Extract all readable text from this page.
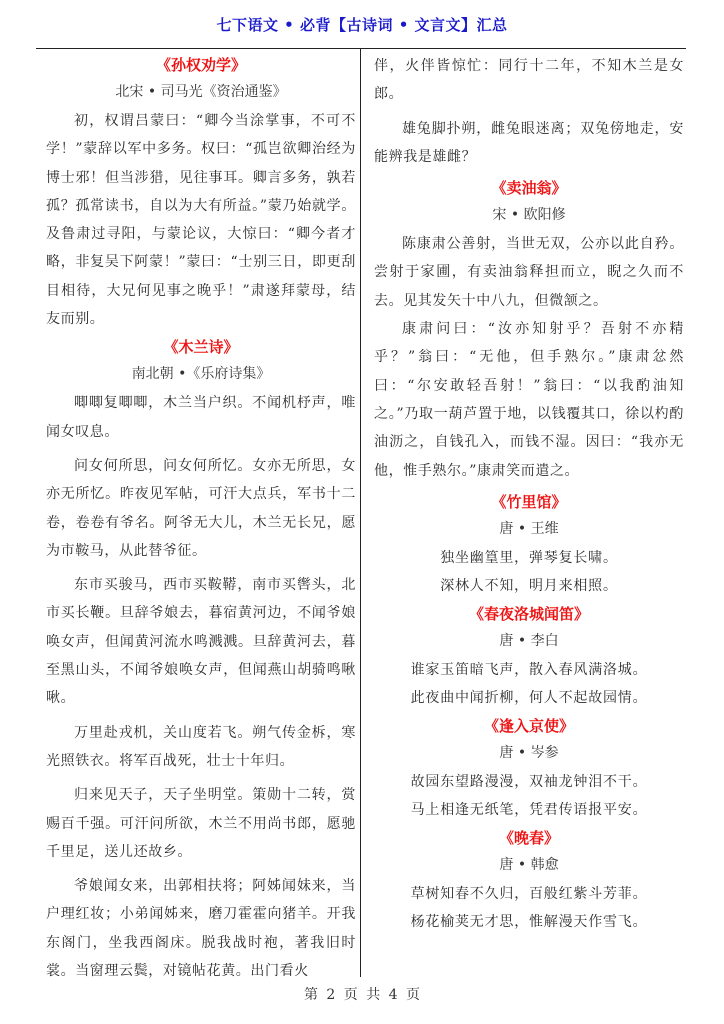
七下语文 • 必背【古诗词 • 文言文】汇总
《孙权劝学》
北宋 • 司马光《资治通鉴》

初，权谓吕蒙曰：“卿今当涂掌事，不可不学！”蒙辞以军中多务。权曰：“孤岂欲卿治经为博士邪！但当涉猎，见往事耳。卿言多务，孰若孤？孤常读书，自以为大有所益。”蒙乃始就学。及鲁肃过寻阳，与蒙论议，大惊曰：“卿今者才略，非复吴下阿蒙！”蒙曰：“士别三日，即更刮目相待，大兄何见事之晚乎！”肃遂拜蒙母，结友而别。

《木兰诗》
南北朝 •《乐府诗集》

唧唧复唧唧，木兰当户织。不闻机杼声，唯闻女叹息。

问女何所思，问女何所忆。女亦无所思，女亦无所忆。昨夜见军帖，可汗大点兵，军书十二卷，卷卷有爷名。阿爷无大儿，木兰无长兄，愿为市鞍马，从此替爷征。

东市买骏马，西市买鞍鞯，南市买辔头，北市买长鞭。旦辞爷娘去，暮宿黄河边，不闻爷娘唤女声，但闻黄河流水鸣溅溅。旦辞黄河去，暮至黑山头，不闻爷娘唤女声，但闻燕山胡骑鸣啾啾。

万里赴戎机，关山度若飞。朔气传金柝，寒光照铁衣。将军百战死，壮士十年归。

归来见天子，天子坐明堂。策勋十二转，赏赐百千强。可汗问所欲，木兰不用尚书郎，愿驰千里足，送儿还故乡。

爷娘闻女来，出郭相扶将；阿姊闻妹来，当户理红妆；小弟闻姊来，磨刀霍霍向猪羊。开我东阁门，坐我西阁床。脱我战时袍，著我旧时裳。当窗理云鬓，对镜帖花黄。出门看火

伴，火伴皆惊忙：同行十二年，不知木兰是女郎。

雄兔脚扑朔，雌兔眼迷离；双兔傍地走，安能辨我是雄雌？

《卖油翁》
宋 • 欧阳修

陈康肃公善射，当世无双，公亦以此自矜。尝射于家圃，有卖油翁释担而立，睨之久而不去。见其发矢十中八九，但微颔之。

康肃问曰：“汝亦知射乎？吾射不亦精乎？”翁曰：“无他，但手熟尔。”康肃忿然曰：“尔安敢轻吾射！”翁曰：“以我酌油知之。”乃取一葫芦置于地，以钱覆其口，徐以杓酌油沥之，自钱孔入，而钱不湿。因曰：“我亦无他，惟手熟尔。”康肃笑而遣之。

《竹里馆》
唐 • 王维

独坐幽篁里，弹琴复长啸。

深林人不知，明月来相照。

《春夜洛城闻笛》
唐 • 李白

谁家玉笛暗飞声，散入春风满洛城。

此夜曲中闻折柳，何人不起故园情。

《逢入京使》
唐 • 岑参

故园东望路漫漫，双袖龙钟泪不干。

马上相逢无纸笔，凭君传语报平安。

《晚春》
唐 • 韩愈

草树知春不久归，百般红紫斗芳菲。

杨花榆荚无才思，惟解漫天作雪飞。

第 2 页 共 4 页
